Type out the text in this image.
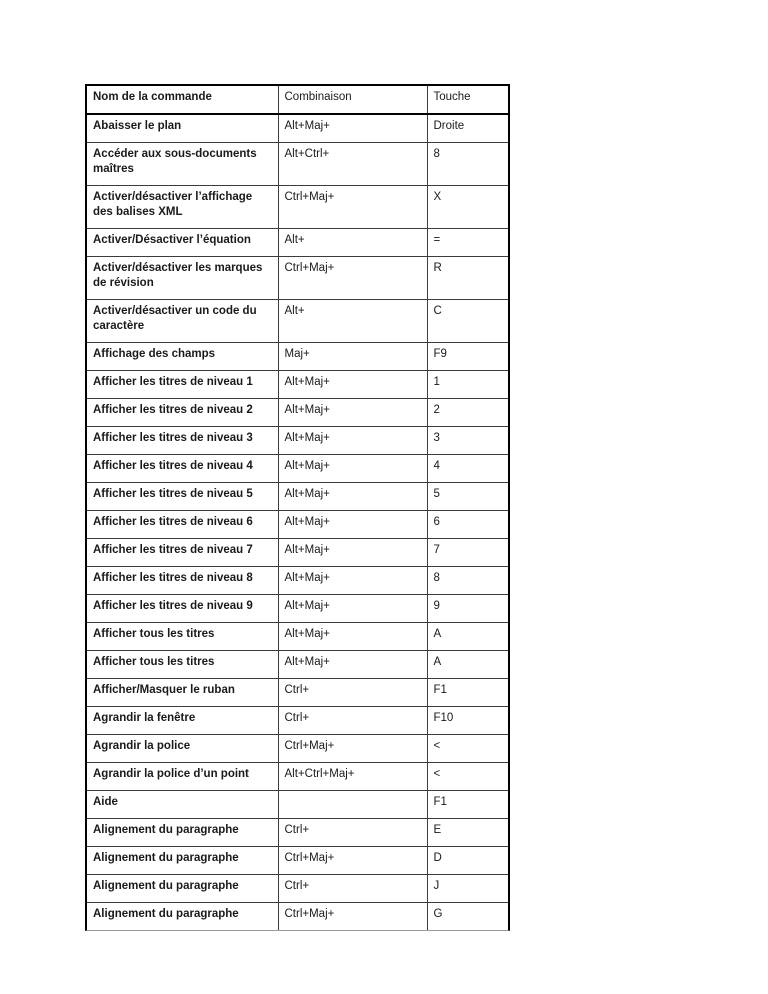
Nom de la commande	Combinaison	Touche
Abaisser le plan	Alt+Maj+	Droite
Accéder aux sous-documents maîtres	Alt+Ctrl+	8
Activer/désactiver l’affichage des balises XML	Ctrl+Maj+	X
Activer/Désactiver l’équation	Alt+	=
Activer/désactiver les marques de révision	Ctrl+Maj+	R
Activer/désactiver un code du caractère	Alt+	C
Affichage des champs	Maj+	F9
Afficher les titres de niveau 1	Alt+Maj+	1
Afficher les titres de niveau 2	Alt+Maj+	2
Afficher les titres de niveau 3	Alt+Maj+	3
Afficher les titres de niveau 4	Alt+Maj+	4
Afficher les titres de niveau 5	Alt+Maj+	5
Afficher les titres de niveau 6	Alt+Maj+	6
Afficher les titres de niveau 7	Alt+Maj+	7
Afficher les titres de niveau 8	Alt+Maj+	8
Afficher les titres de niveau 9	Alt+Maj+	9
Afficher tous les titres	Alt+Maj+	A
Afficher tous les titres	Alt+Maj+	A
Afficher/Masquer le ruban	Ctrl+	F1
Agrandir la fenêtre	Ctrl+	F10
Agrandir la police	Ctrl+Maj+	<
Agrandir la police d’un point	Alt+Ctrl+Maj+	<
Aide		F1
Alignement du paragraphe	Ctrl+	E
Alignement du paragraphe	Ctrl+Maj+	D
Alignement du paragraphe	Ctrl+	J
Alignement du paragraphe	Ctrl+Maj+	G
